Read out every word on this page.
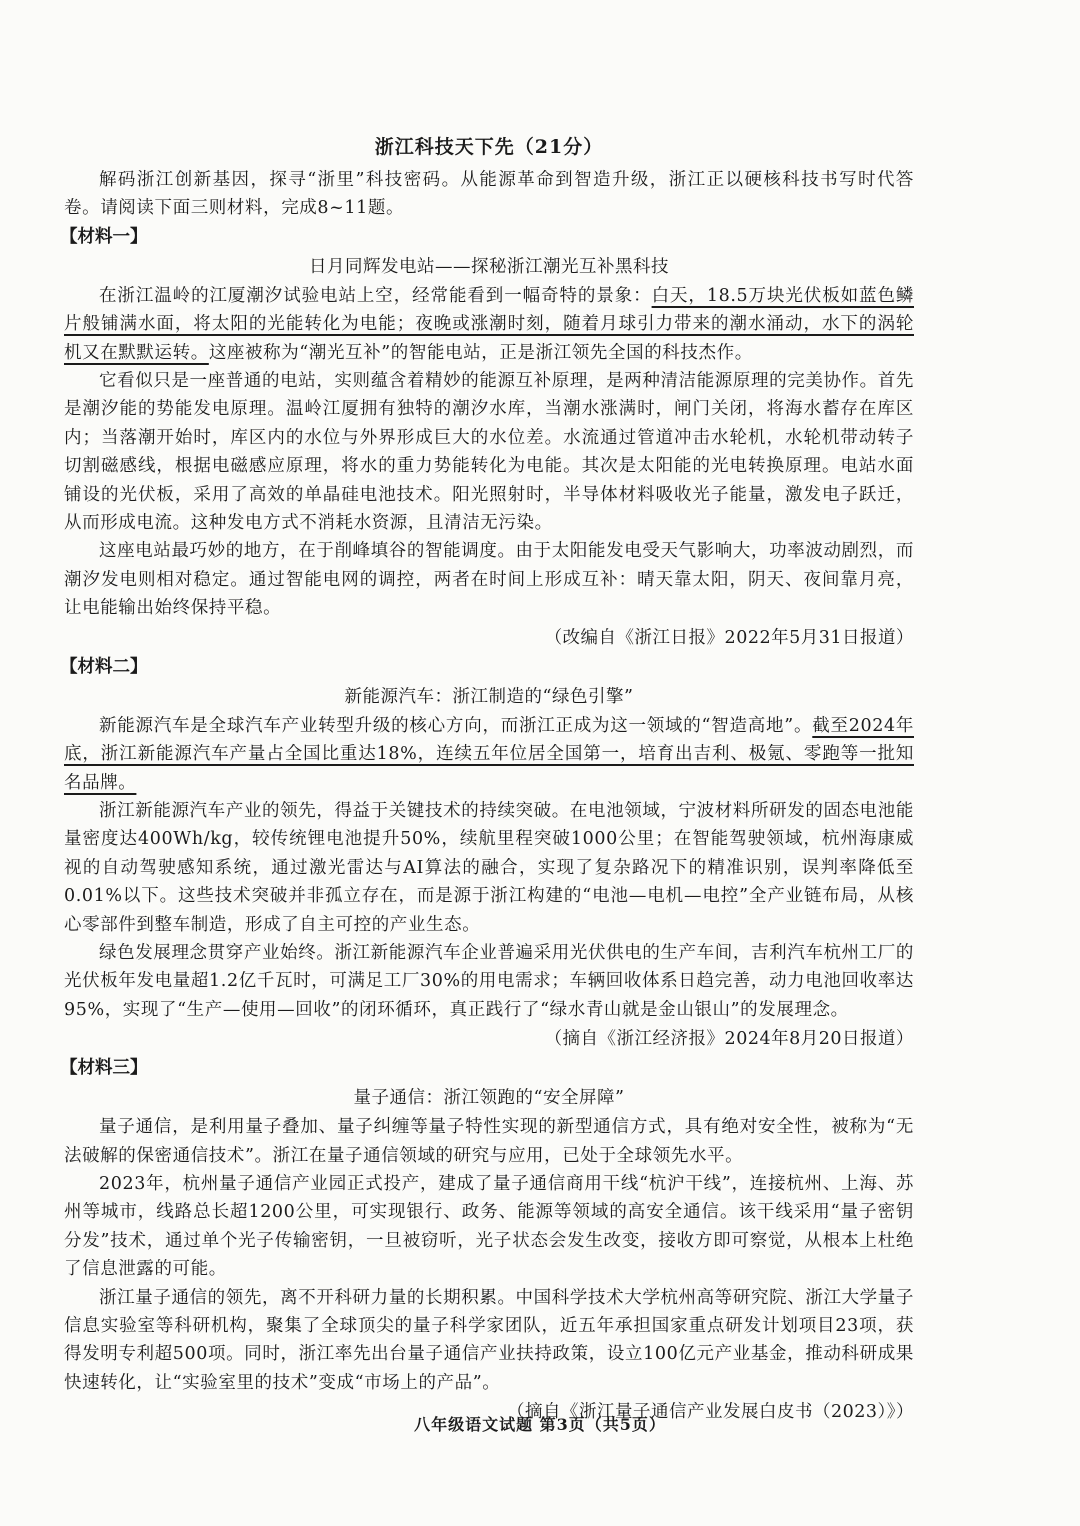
浙江科技天下先（21分）

解码浙江创新基因，探寻“浙里”科技密码。从能源革命到智造升级，浙江正以硬核科技书写时代答卷。请阅读下面三则材料，完成8~11题。

【材料一】
日月同辉发电站——探秘浙江潮光互补黑科技

在浙江温岭的江厦潮汐试验电站上空，经常能看到一幅奇特的景象：白天，18.5万块光伏板如蓝色鳞片般铺满水面，将太阳的光能转化为电能；夜晚或涨潮时刻，随着月球引力带来的潮水涌动，水下的涡轮机又在默默运转。这座被称为“潮光互补”的智能电站，正是浙江领先全国的科技杰作。

它看似只是一座普通的电站，实则蕴含着精妙的能源互补原理，是两种清洁能源原理的完美协作。首先是潮汐能的势能发电原理。温岭江厦拥有独特的潮汐水库，当潮水涨满时，闸门关闭，将海水蓄存在库区内；当落潮开始时，库区内的水位与外界形成巨大的水位差。水流通过管道冲击水轮机，水轮机带动转子切割磁感线，根据电磁感应原理，将水的重力势能转化为电能。其次是太阳能的光电转换原理。电站水面铺设的光伏板，采用了高效的单晶硅电池技术。阳光照射时，半导体材料吸收光子能量，激发电子跃迁，从而形成电流。这种发电方式不消耗水资源，且清洁无污染。

这座电站最巧妙的地方，在于削峰填谷的智能调度。由于太阳能发电受天气影响大，功率波动剧烈，而潮汐发电则相对稳定。通过智能电网的调控，两者在时间上形成互补：晴天靠太阳，阴天、夜间靠月亮，让电能输出始终保持平稳。

（改编自《浙江日报》2022年5月31日报道）
【材料二】
新能源汽车：浙江制造的“绿色引擎”

新能源汽车是全球汽车产业转型升级的核心方向，而浙江正成为这一领域的“智造高地”。截至2024年底，浙江新能源汽车产量占全国比重达18%，连续五年位居全国第一，培育出吉利、极氪、零跑等一批知名品牌。

浙江新能源汽车产业的领先，得益于关键技术的持续突破。在电池领域，宁波材料所研发的固态电池能量密度达400Wh/kg，较传统锂电池提升50%，续航里程突破1000公里；在智能驾驶领域，杭州海康威视的自动驾驶感知系统，通过激光雷达与AI算法的融合，实现了复杂路况下的精准识别，误判率降低至0.01%以下。这些技术突破并非孤立存在，而是源于浙江构建的“电池—电机—电控”全产业链布局，从核心零部件到整车制造，形成了自主可控的产业生态。

绿色发展理念贯穿产业始终。浙江新能源汽车企业普遍采用光伏供电的生产车间，吉利汽车杭州工厂的光伏板年发电量超1.2亿千瓦时，可满足工厂30%的用电需求；车辆回收体系日趋完善，动力电池回收率达95%，实现了“生产—使用—回收”的闭环循环，真正践行了“绿水青山就是金山银山”的发展理念。

（摘自《浙江经济报》2024年8月20日报道）
【材料三】
量子通信：浙江领跑的“安全屏障”

量子通信，是利用量子叠加、量子纠缠等量子特性实现的新型通信方式，具有绝对安全性，被称为“无法破解的保密通信技术”。浙江在量子通信领域的研究与应用，已处于全球领先水平。

2023年，杭州量子通信产业园正式投产，建成了量子通信商用干线“杭沪干线”，连接杭州、上海、苏州等城市，线路总长超1200公里，可实现银行、政务、能源等领域的高安全通信。该干线采用“量子密钥分发”技术，通过单个光子传输密钥，一旦被窃听，光子状态会发生改变，接收方即可察觉，从根本上杜绝了信息泄露的可能。

浙江量子通信的领先，离不开科研力量的长期积累。中国科学技术大学杭州高等研究院、浙江大学量子信息实验室等科研机构，聚集了全球顶尖的量子科学家团队，近五年承担国家重点研发计划项目23项，获得发明专利超500项。同时，浙江率先出台量子通信产业扶持政策，设立100亿元产业基金，推动科研成果快速转化，让“实验室里的技术”变成“市场上的产品”。

（摘自《浙江量子通信产业发展白皮书（2023）》）
八年级语文试题 第3页（共5页）
